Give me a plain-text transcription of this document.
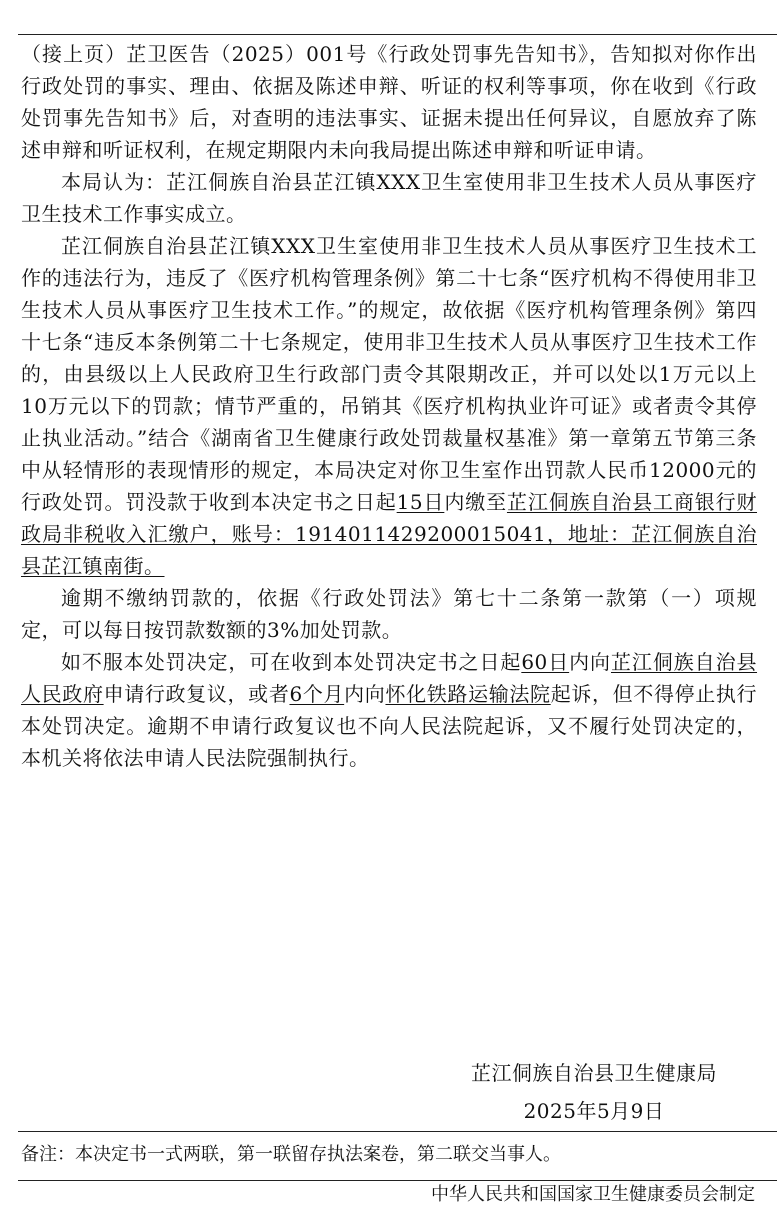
（接上页）芷卫医告（2025）001号《行政处罚事先告知书》，告知拟对你作出行政处罚的事实、理由、依据及陈述申辩、听证的权利等事项，你在收到《行政处罚事先告知书》后，对查明的违法事实、证据未提出任何异议，自愿放弃了陈述申辩和听证权利，在规定期限内未向我局提出陈述申辩和听证申请。

本局认为：芷江侗族自治县芷江镇XXX卫生室使用非卫生技术人员从事医疗卫生技术工作事实成立。

芷江侗族自治县芷江镇XXX卫生室使用非卫生技术人员从事医疗卫生技术工作的违法行为，违反了《医疗机构管理条例》第二十七条“医疗机构不得使用非卫生技术人员从事医疗卫生技术工作。”的规定，故依据《医疗机构管理条例》第四十七条“违反本条例第二十七条规定，使用非卫生技术人员从事医疗卫生技术工作的，由县级以上人民政府卫生行政部门责令其限期改正，并可以处以1万元以上10万元以下的罚款；情节严重的，吊销其《医疗机构执业许可证》或者责令其停止执业活动。”结合《湖南省卫生健康行政处罚裁量权基准》第一章第五节第三条中从轻情形的表现情形的规定，本局决定对你卫生室作出罚款人民币12000元的行政处罚。罚没款于收到本决定书之日起15日内缴至芷江侗族自治县工商银行财政局非税收入汇缴户，账号：1914011429200015041，地址：芷江侗族自治县芷江镇南街。

逾期不缴纳罚款的，依据《行政处罚法》第七十二条第一款第（一）项规定，可以每日按罚款数额的3%加处罚款。

如不服本处罚决定，可在收到本处罚决定书之日起60日内向芷江侗族自治县人民政府申请行政复议，或者6个月内向怀化铁路运输法院起诉，但不得停止执行本处罚决定。逾期不申请行政复议也不向人民法院起诉，又不履行处罚决定的，本机关将依法申请人民法院强制执行。

芷江侗族自治县卫生健康局
2025年5月9日
备注：本决定书一式两联，第一联留存执法案卷，第二联交当事人。
中华人民共和国国家卫生健康委员会制定
